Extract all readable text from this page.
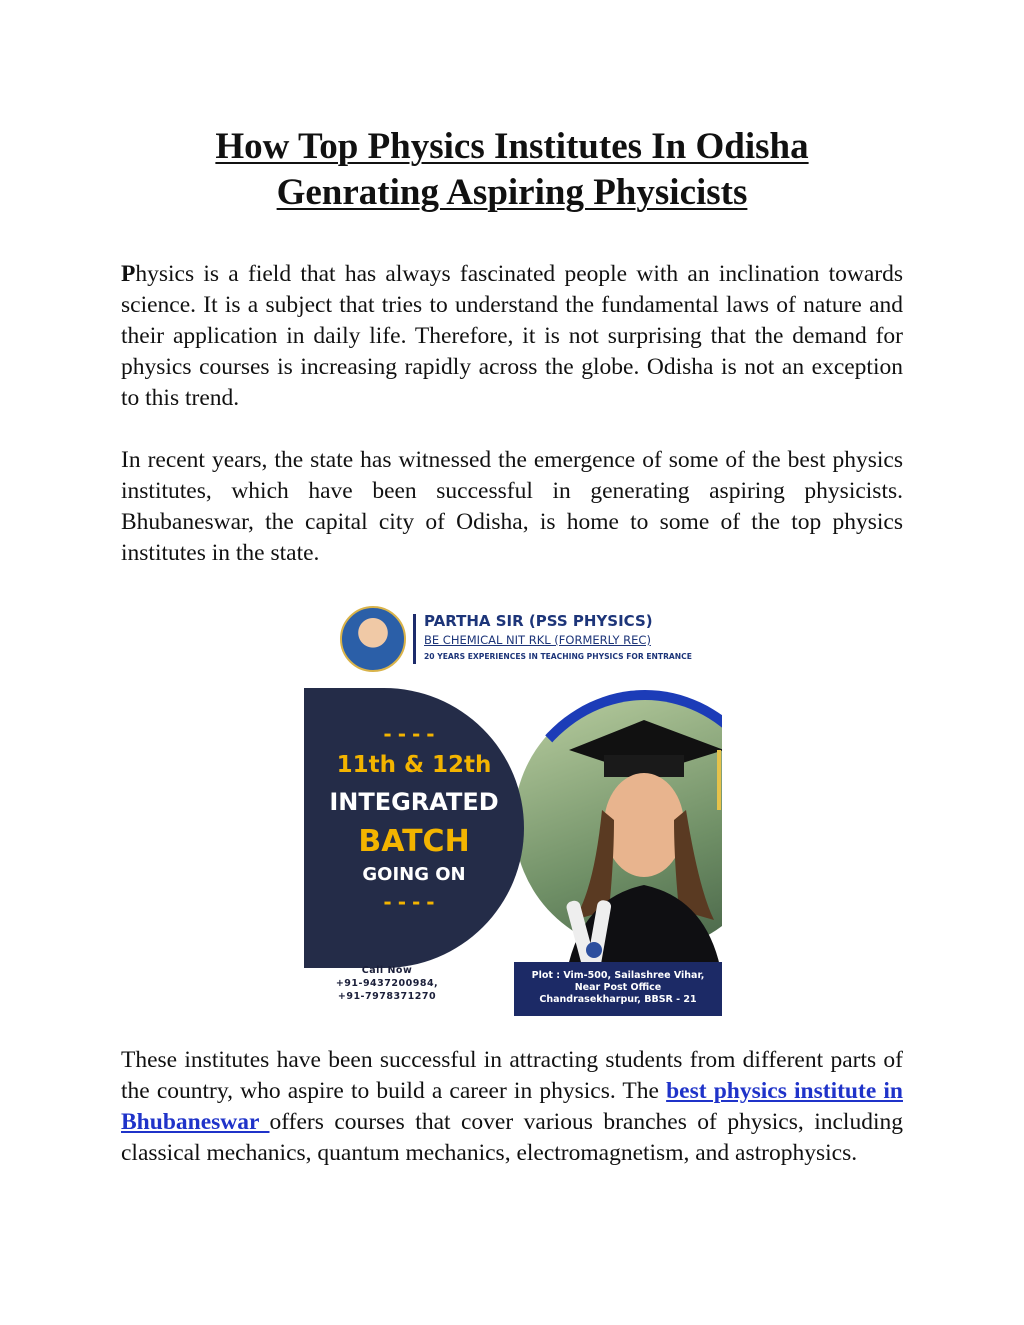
How Top Physics Institutes In Odisha
Genrating Aspiring Physicists

Physics is a field that has always fascinated people with an inclination towards science. It is a subject that tries to understand the fundamental laws of nature and their application in daily life. Therefore, it is not surprising that the demand for physics courses is increasing rapidly across the globe. Odisha is not an exception to this trend.

In recent years, the state has witnessed the emergence of some of the best physics institutes, which have been successful in generating aspiring physicists. Bhubaneswar, the capital city of Odisha, is home to some of the top physics institutes in the state.

PARTHA SIR (PSS PHYSICS)
BE CHEMICAL NIT RKL (FORMERLY REC)
20 YEARS EXPERIENCES IN TEACHING PHYSICS FOR ENTRANCE
----
11th & 12th
INTEGRATED
BATCH
GOING ON
----
Call Now
+91-9437200984,
+91-7978371270
Plot : Vim-500, Sailashree Vihar,
Near Post Office
Chandrasekharpur, BBSR - 21

These institutes have been successful in attracting students from different parts of the country, who aspire to build a career in physics. The best physics institute in Bhubaneswar offers courses that cover various branches of physics, including classical mechanics, quantum mechanics, electromagnetism, and astrophysics.
